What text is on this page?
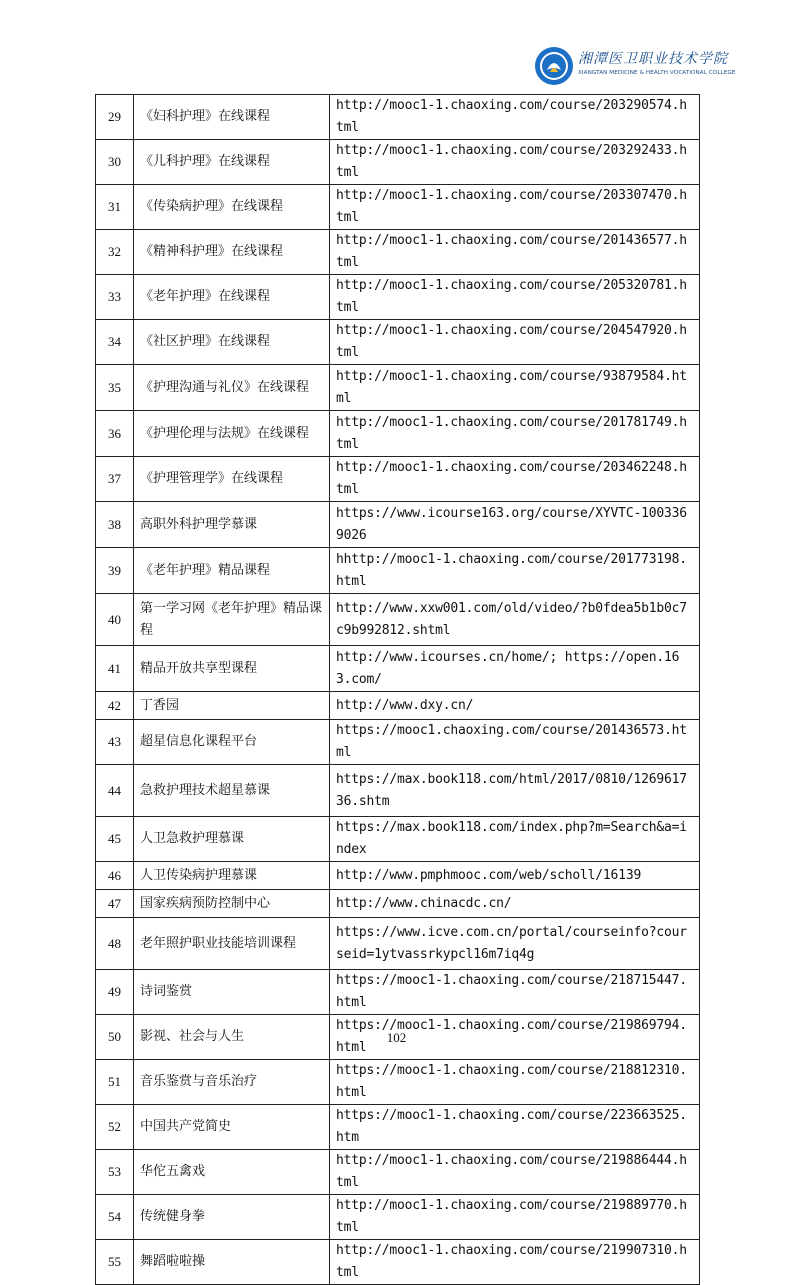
湘潭医卫职业技术学院
XIANGTAN MEDICINE & HEALTH VOCATIONAL COLLEGE
29	《妇科护理》在线课程	http://mooc1-1.chaoxing.com/course/203290574.html
30	《儿科护理》在线课程	http://mooc1-1.chaoxing.com/course/203292433.html
31	《传染病护理》在线课程	http://mooc1-1.chaoxing.com/course/203307470.html
32	《精神科护理》在线课程	http://mooc1-1.chaoxing.com/course/201436577.html
33	《老年护理》在线课程	http://mooc1-1.chaoxing.com/course/205320781.html
34	《社区护理》在线课程	http://mooc1-1.chaoxing.com/course/204547920.html
35	《护理沟通与礼仪》在线课程	http://mooc1-1.chaoxing.com/course/93879584.html
36	《护理伦理与法规》在线课程	http://mooc1-1.chaoxing.com/course/201781749.html
37	《护理管理学》在线课程	http://mooc1-1.chaoxing.com/course/203462248.html
38	高职外科护理学慕课	https://www.icourse163.org/course/XYVTC-1003369026
39	《老年护理》精品课程	hhttp://mooc1-1.chaoxing.com/course/201773198.html
40	第一学习网《老年护理》精品课程	http://www.xxw001.com/old/video/?b0fdea5b1b0c7c9b992812.shtml
41	精品开放共享型课程	http://www.icourses.cn/home/; https://open.163.com/
42	丁香园	http://www.dxy.cn/
43	超星信息化课程平台	https://mooc1.chaoxing.com/course/201436573.html
44	急救护理技术超星慕课	https://max.book118.com/html/2017/0810/126961736.shtm
45	人卫急救护理慕课	https://max.book118.com/index.php?m=Search&a=index
46	人卫传染病护理慕课	http://www.pmphmooc.com/web/scholl/16139
47	国家疾病预防控制中心	http://www.chinacdc.cn/
48	老年照护职业技能培训课程	https://www.icve.com.cn/portal/courseinfo?courseid=1ytvassrkypcl16m7iq4g
49	诗词鉴赏	https://mooc1-1.chaoxing.com/course/218715447.html
50	影视、社会与人生	https://mooc1-1.chaoxing.com/course/219869794.html
51	音乐鉴赏与音乐治疗	https://mooc1-1.chaoxing.com/course/218812310.html
52	中国共产党简史	https://mooc1-1.chaoxing.com/course/223663525.htm
53	华佗五禽戏	http://mooc1-1.chaoxing.com/course/219886444.html
54	传统健身拳	http://mooc1-1.chaoxing.com/course/219889770.html
55	舞蹈啦啦操	http://mooc1-1.chaoxing.com/course/219907310.html
102
